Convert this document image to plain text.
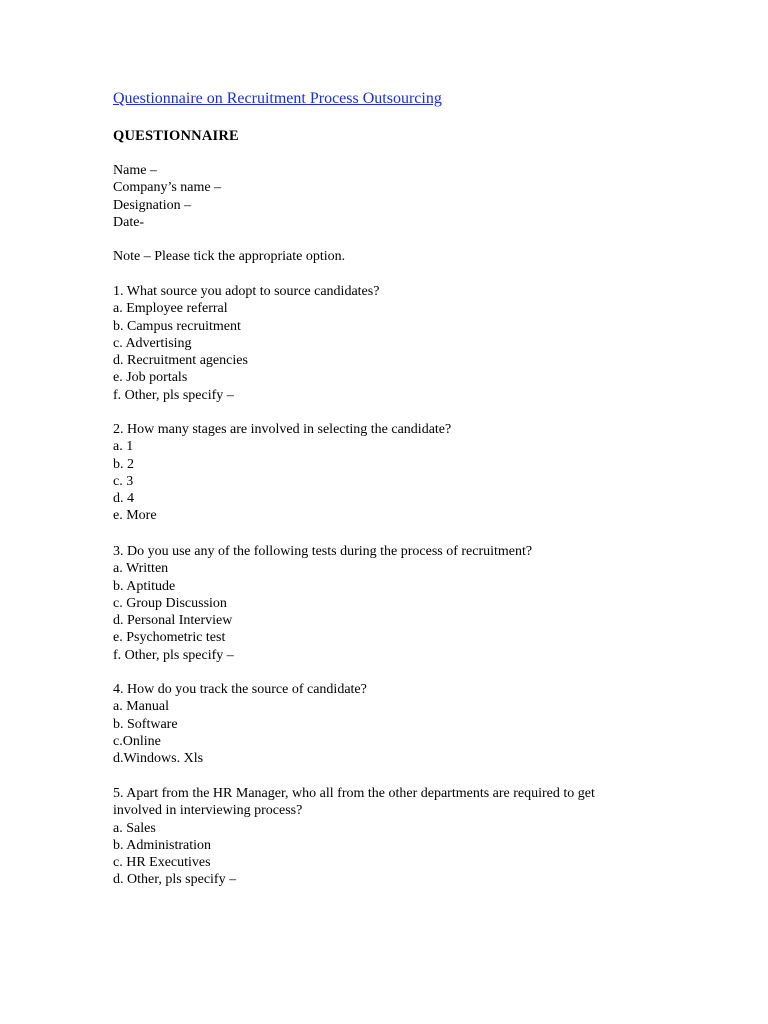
Questionnaire on Recruitment Process Outsourcing
QUESTIONNAIRE
Name –
Company’s name –
Designation –
Date-
Note – Please tick the appropriate option.
1. What source you adopt to source candidates?
a. Employee referral
b. Campus recruitment
c. Advertising
d. Recruitment agencies
e. Job portals
f. Other, pls specify –
2. How many stages are involved in selecting the candidate?
a. 1
b. 2
c. 3
d. 4
e. More
3. Do you use any of the following tests during the process of recruitment?
a. Written
b. Aptitude
c. Group Discussion
d. Personal Interview
e. Psychometric test
f. Other, pls specify –
4. How do you track the source of candidate?
a. Manual
b. Software
c.Online
d.Windows. Xls
5. Apart from the HR Manager, who all from the other departments are required to get involved in interviewing process?
a. Sales
b. Administration
c. HR Executives
d. Other, pls specify –
